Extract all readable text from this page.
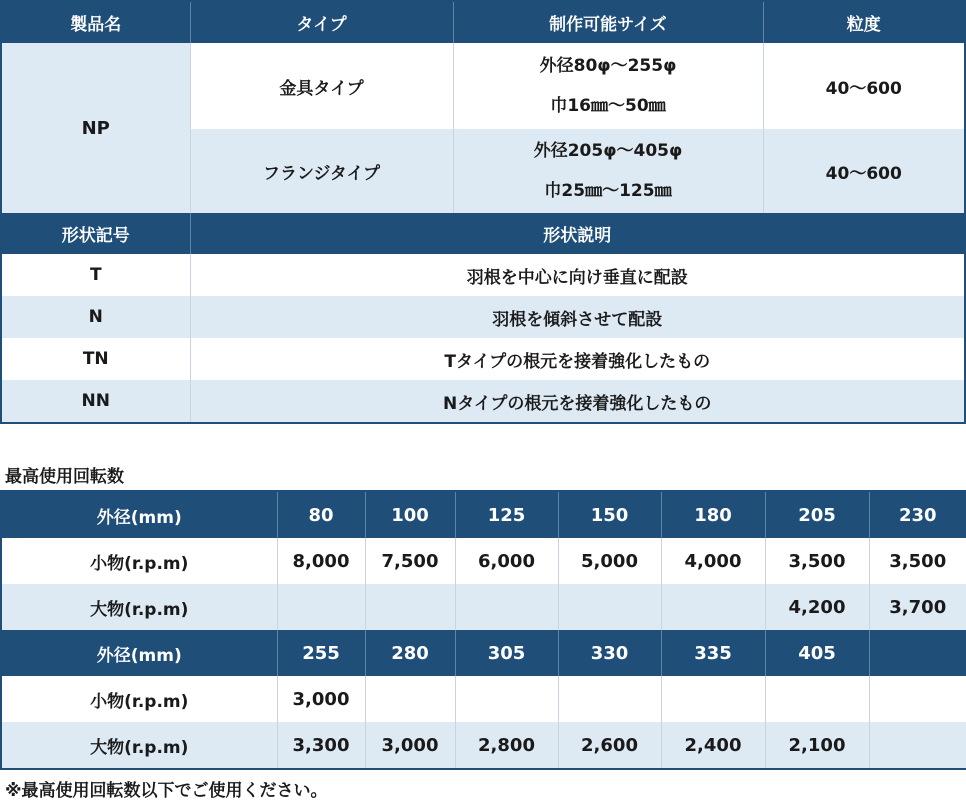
製品名	タイプ	制作可能サイズ	粒度
NP	金具タイプ	外径80φ～255φ
巾16㎜～50㎜	40～600
	フランジタイプ	外径205φ～405φ
巾25㎜～125㎜	40～600
形状記号	形状説明		
T	羽根を中心に向け垂直に配設		
N	羽根を傾斜させて配設		
TN	Tタイプの根元を接着強化したもの		
NN	Nタイプの根元を接着強化したもの		
最高使用回転数
外径(mm)	80	100	125	150	180	205	230
小物(r.p.m)	8,000	7,500	6,000	5,000	4,000	3,500	3,500
大物(r.p.m)						4,200	3,700
外径(mm)	255	280	305	330	335	405	
小物(r.p.m)	3,000						
大物(r.p.m)	3,300	3,000	2,800	2,600	2,400	2,100	
※最高使用回転数以下でご使用ください。
